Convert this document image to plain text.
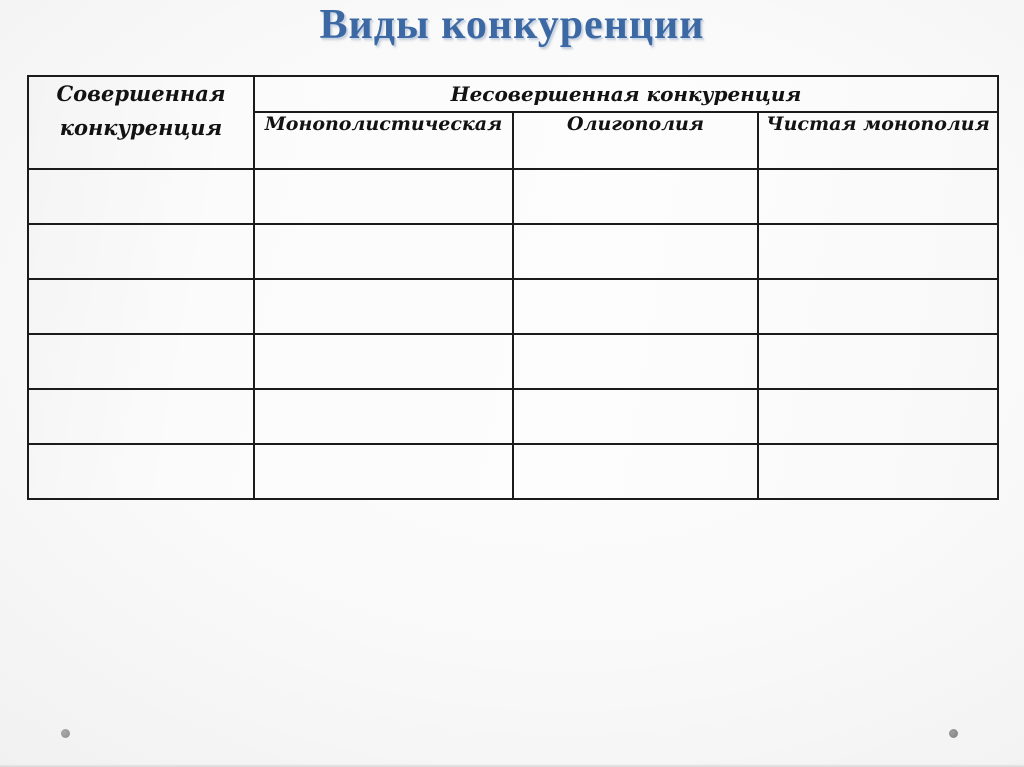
Виды конкуренции
Совершенная конкуренция	Несовершенная конкуренция		
	Монополистическая	Олигополия	Чистая монополия
